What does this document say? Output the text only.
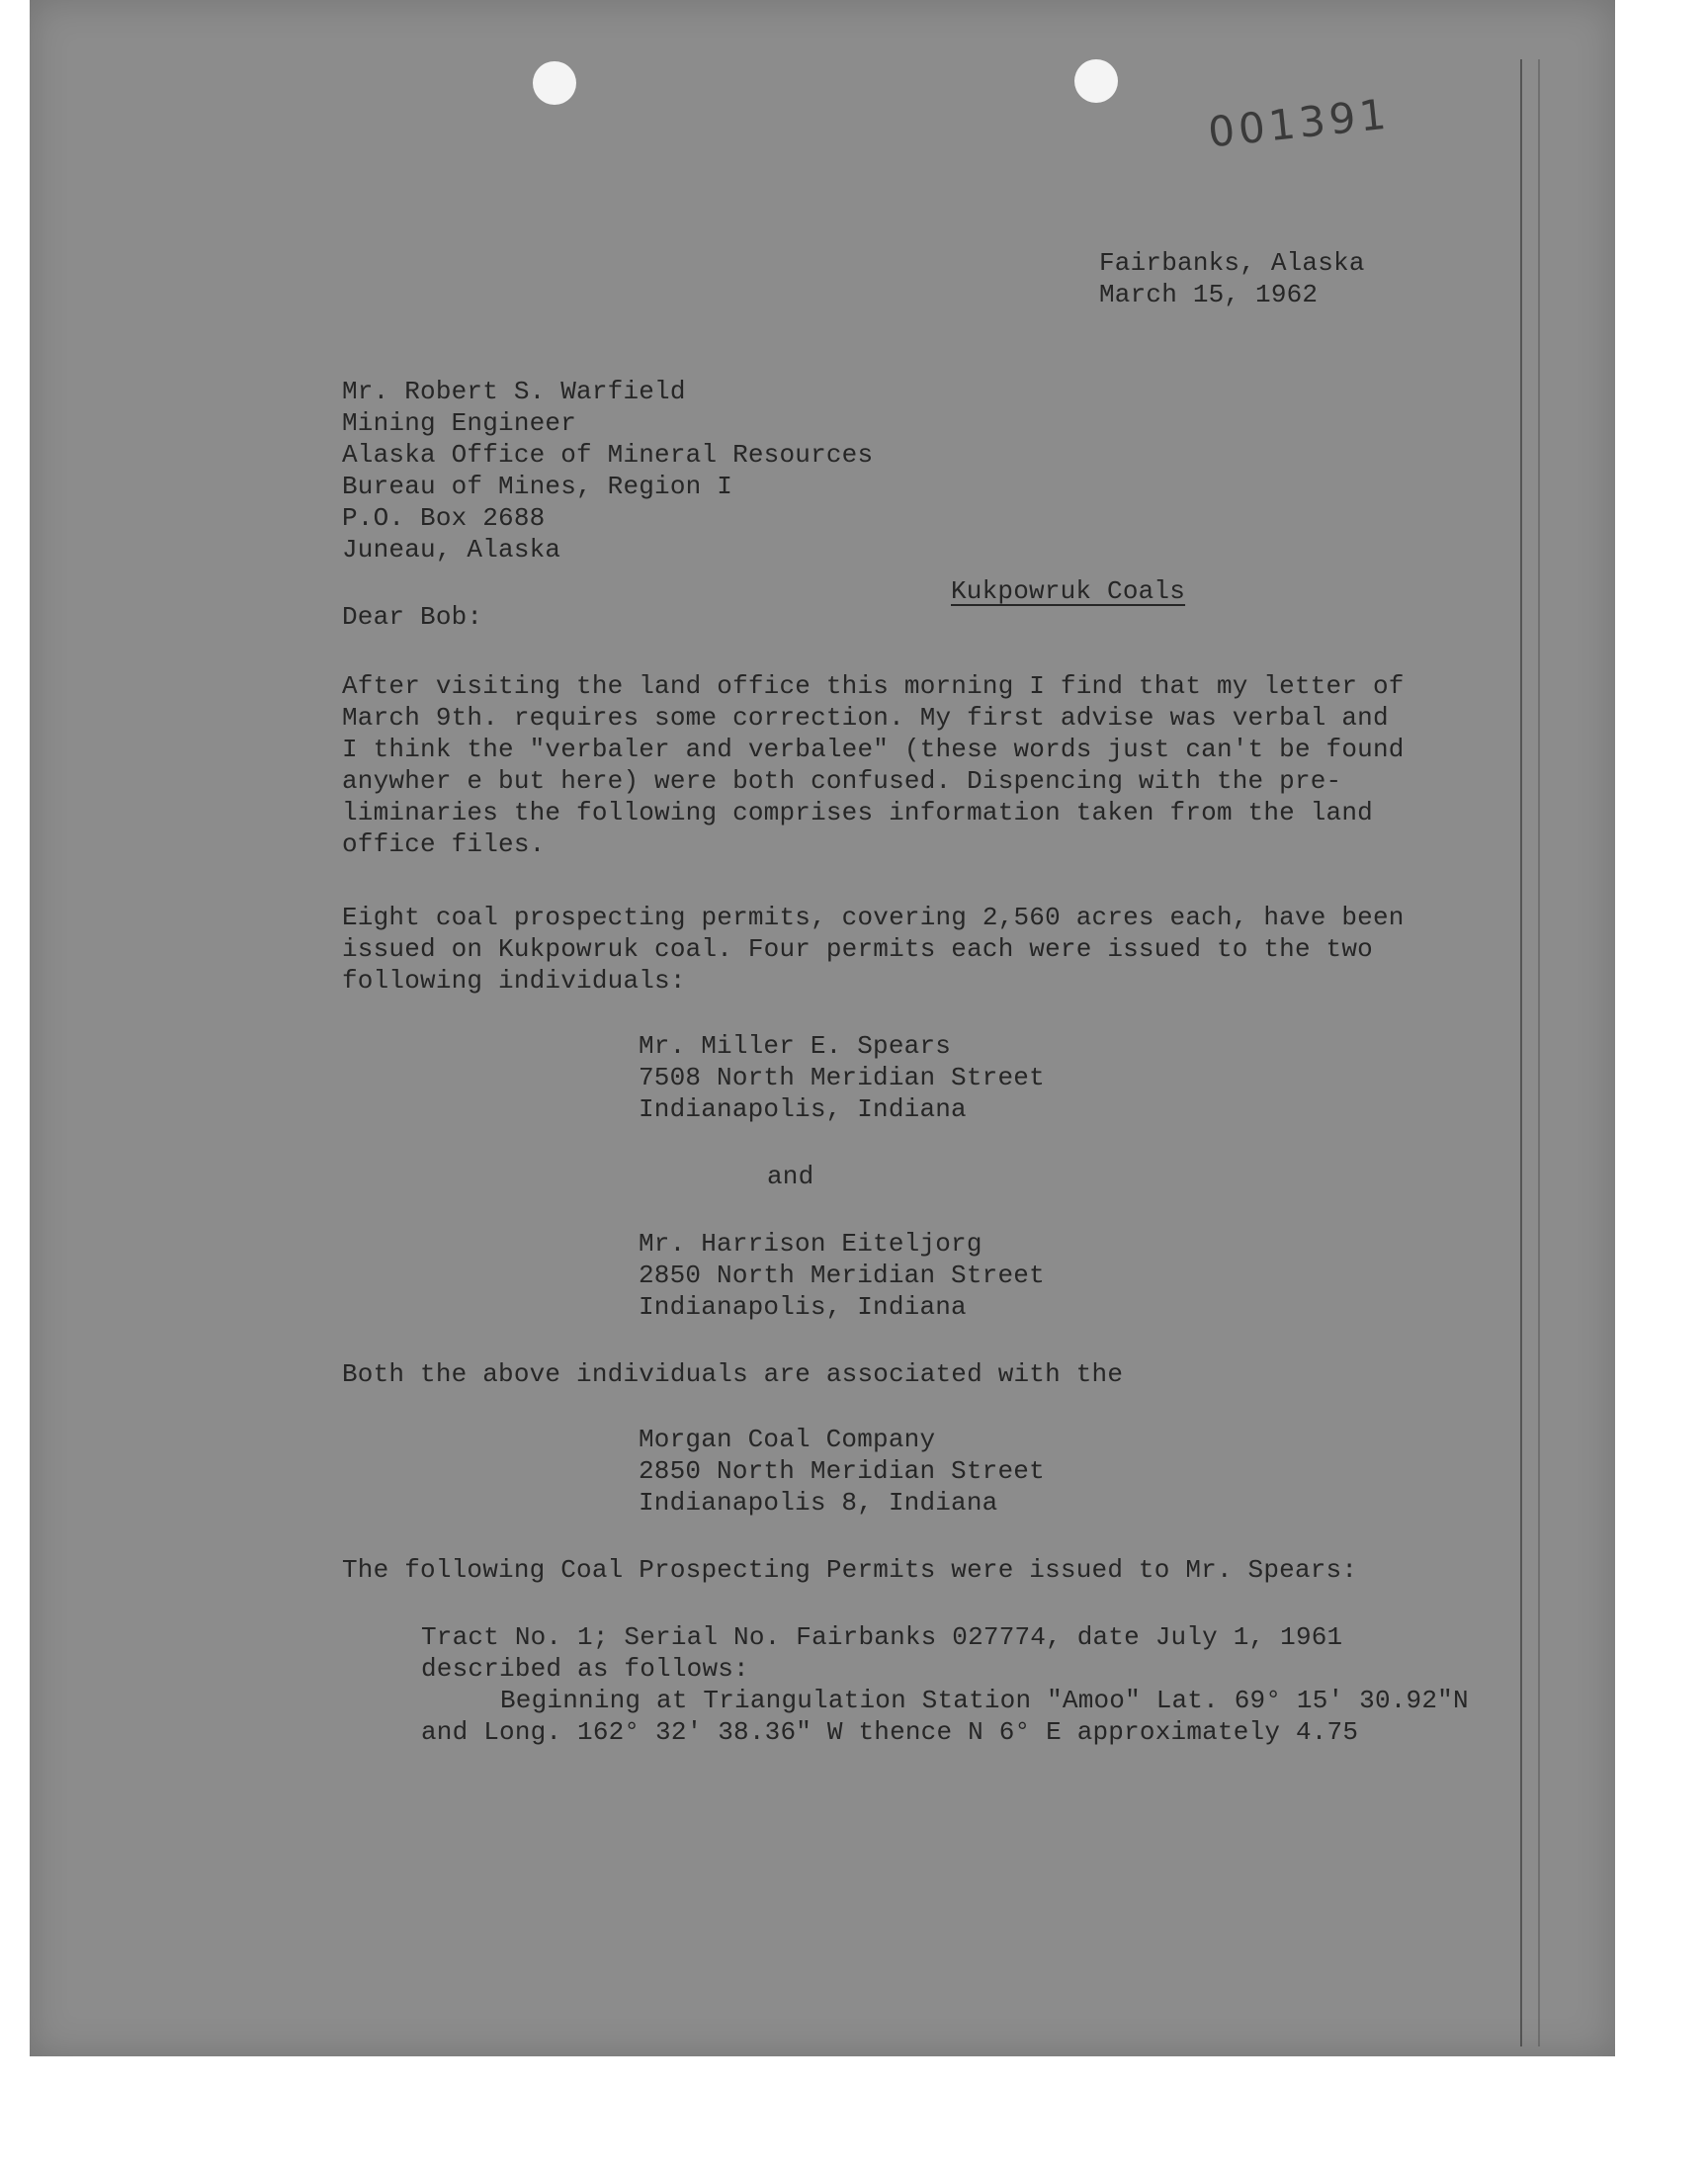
001391
Fairbanks, Alaska
March 15, 1962
Mr. Robert S. Warfield
Mining Engineer
Alaska Office of Mineral Resources
Bureau of Mines, Region I
P.O. Box 2688
Juneau, Alaska
Kukpowruk Coals
Dear Bob:
After visiting the land office this morning I find that my letter of
March 9th. requires some correction. My first advise was verbal and
I think the "verbaler and verbalee" (these words just can't be found
anywher e but here) were both confused. Dispencing with the pre-
liminaries the following comprises information taken from the land
office files.
Eight coal prospecting permits, covering 2,560 acres each, have been
issued on Kukpowruk coal. Four permits each were issued to the two
following individuals:
Mr. Miller E. Spears
7508 North Meridian Street
Indianapolis, Indiana
and
Mr. Harrison Eiteljorg
2850 North Meridian Street
Indianapolis, Indiana
Both the above individuals are associated with the
Morgan Coal Company
2850 North Meridian Street
Indianapolis 8, Indiana
The following Coal Prospecting Permits were issued to Mr. Spears:
Tract No. 1; Serial No. Fairbanks 027774, date July 1, 1961
described as follows:
Beginning at Triangulation Station "Amoo" Lat. 69° 15' 30.92"N
and Long. 162° 32' 38.36" W thence N 6° E approximately 4.75
